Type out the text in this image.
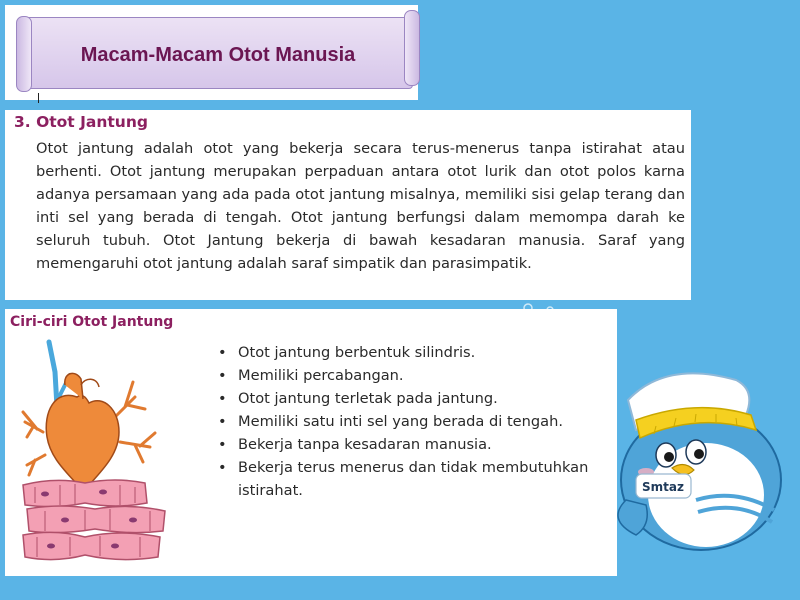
Macam-Macam Otot Manusia
3. Otot Jantung
Otot jantung adalah otot yang bekerja secara terus-menerus tanpa istirahat atau berhenti. Otot jantung merupakan perpaduan antara otot lurik dan otot polos karna adanya persamaan yang ada pada otot jantung misalnya, memiliki sisi gelap terang dan inti sel yang berada di tengah. Otot jantung berfungsi dalam memompa darah ke seluruh tubuh. Otot Jantung bekerja di bawah kesadaran manusia. Saraf yang memengaruhi otot jantung adalah saraf simpatik dan parasimpatik.
Ciri-ciri Otot Jantung
• Otot jantung berbentuk silindris.
• Memiliki percabangan.
• Otot jantung terletak pada jantung.
• Memiliki satu inti sel yang berada di tengah.
• Bekerja tanpa kesadaran manusia.
• Bekerja terus menerus dan tidak membutuhkan istirahat.	Smtaz
